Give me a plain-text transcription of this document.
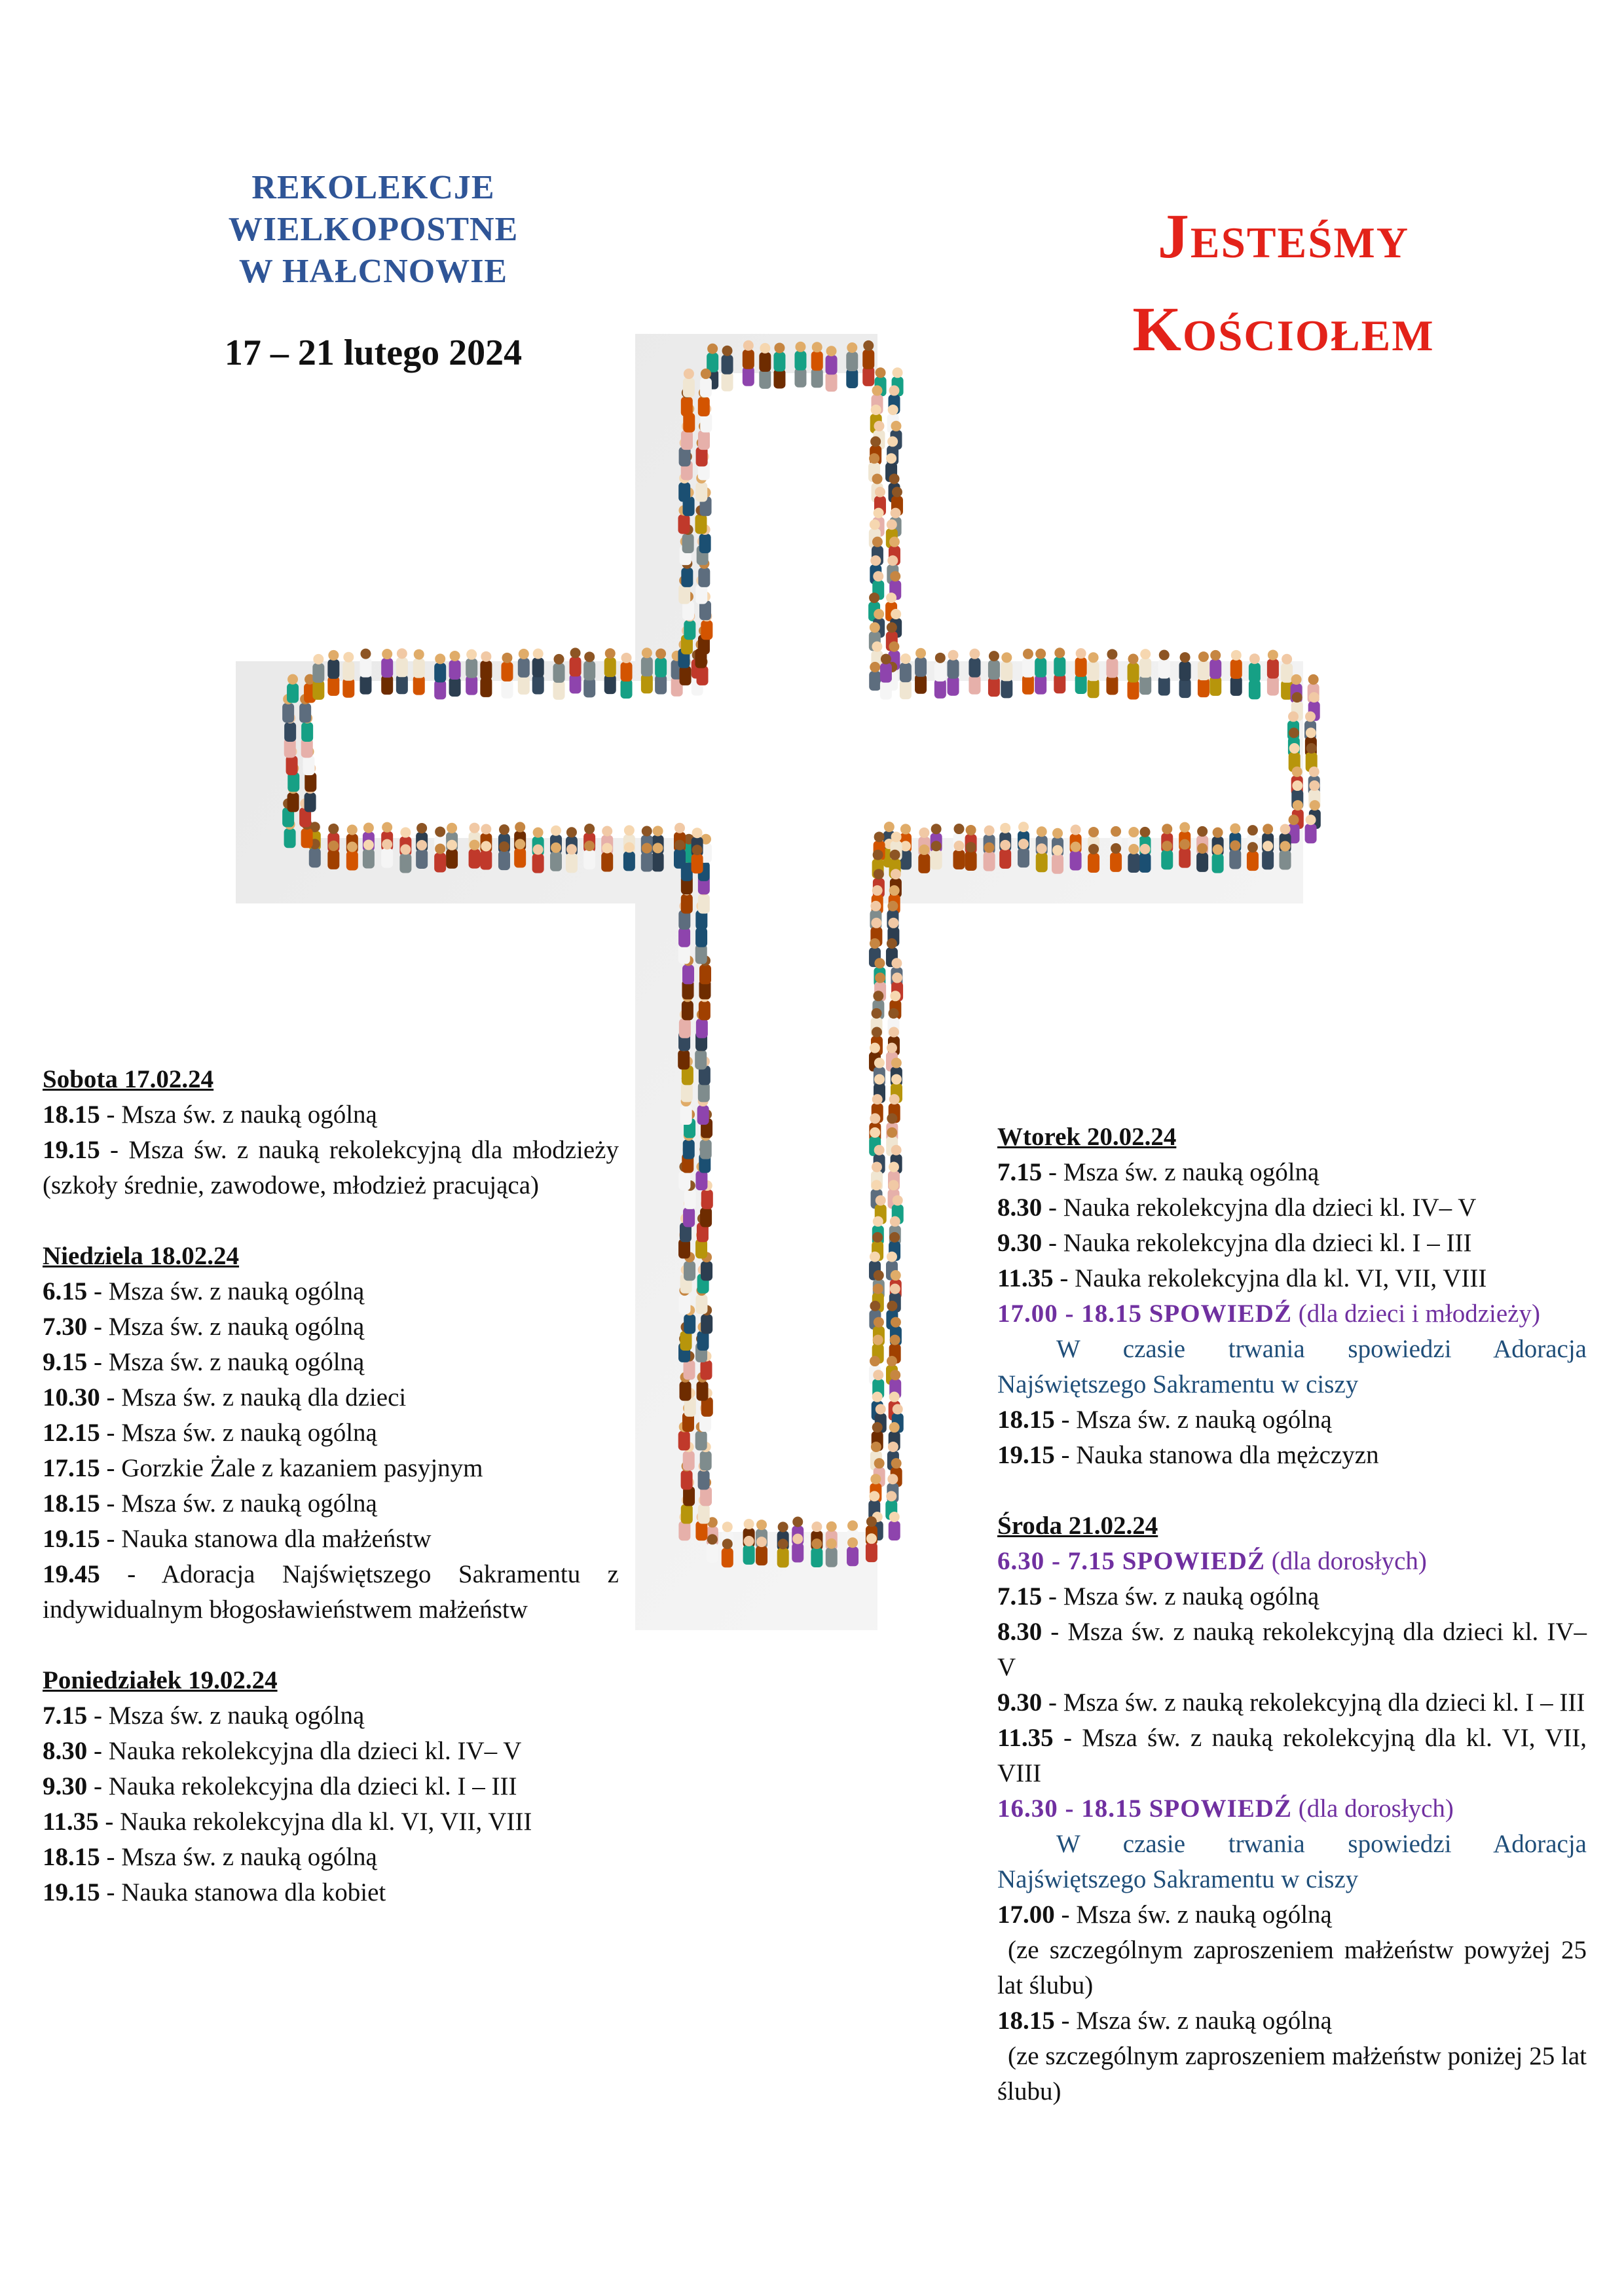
REKOLEKCJE
WIELKOPOSTNE
W HAŁCNOWIE
17 – 21 lutego 2024
Jesteśmy
Kościołem
Sobota 17.02.24
18.15 - Msza św. z nauką ogólną
19.15 - Msza św. z nauką rekolekcyjną dla młodzieży (szkoły średnie, zawodowe, młodzież pracująca)
Niedziela 18.02.24
6.15 - Msza św. z nauką ogólną
7.30 - Msza św. z nauką ogólną
9.15 - Msza św. z nauką ogólną
10.30 - Msza św. z nauką dla dzieci
12.15 - Msza św. z nauką ogólną
17.15 - Gorzkie Żale z kazaniem pasyjnym
18.15 - Msza św. z nauką ogólną
19.15 - Nauka stanowa dla małżeństw
19.45 - Adoracja Najświętszego Sakramentu z indywidualnym błogosławieństwem małżeństw
Poniedziałek 19.02.24
7.15 - Msza św. z nauką ogólną
8.30 - Nauka rekolekcyjna dla dzieci kl. IV– V
9.30 - Nauka rekolekcyjna dla dzieci kl. I – III
11.35 - Nauka rekolekcyjna dla kl. VI, VII, VIII
18.15 - Msza św. z nauką ogólną
19.15 - Nauka stanowa dla kobiet
Wtorek 20.02.24
7.15 - Msza św. z nauką ogólną
8.30 - Nauka rekolekcyjna dla dzieci kl. IV– V
9.30 - Nauka rekolekcyjna dla dzieci kl. I – III
11.35 - Nauka rekolekcyjna dla kl. VI, VII, VIII
17.00 - 18.15 SPOWIEDŹ (dla dzieci i młodzieży)
W czasie trwania spowiedzi Adoracja Najświętszego Sakramentu w ciszy
18.15 - Msza św. z nauką ogólną
19.15 - Nauka stanowa dla mężczyzn
Środa 21.02.24
6.30 - 7.15 SPOWIEDŹ (dla dorosłych)
7.15 - Msza św. z nauką ogólną
8.30 - Msza św. z nauką rekolekcyjną dla dzieci kl. IV– V
9.30 - Msza św. z nauką rekolekcyjną dla dzieci kl. I – III
11.35 - Msza św. z nauką rekolekcyjną dla kl. VI, VII, VIII
16.30 - 18.15 SPOWIEDŹ (dla dorosłych)
W czasie trwania spowiedzi Adoracja Najświętszego Sakramentu w ciszy
17.00 - Msza św. z nauką ogólną
(ze szczególnym zaproszeniem małżeństw powyżej 25 lat ślubu)
18.15 - Msza św. z nauką ogólną
(ze szczególnym zaproszeniem małżeństw poniżej 25 lat ślubu)
